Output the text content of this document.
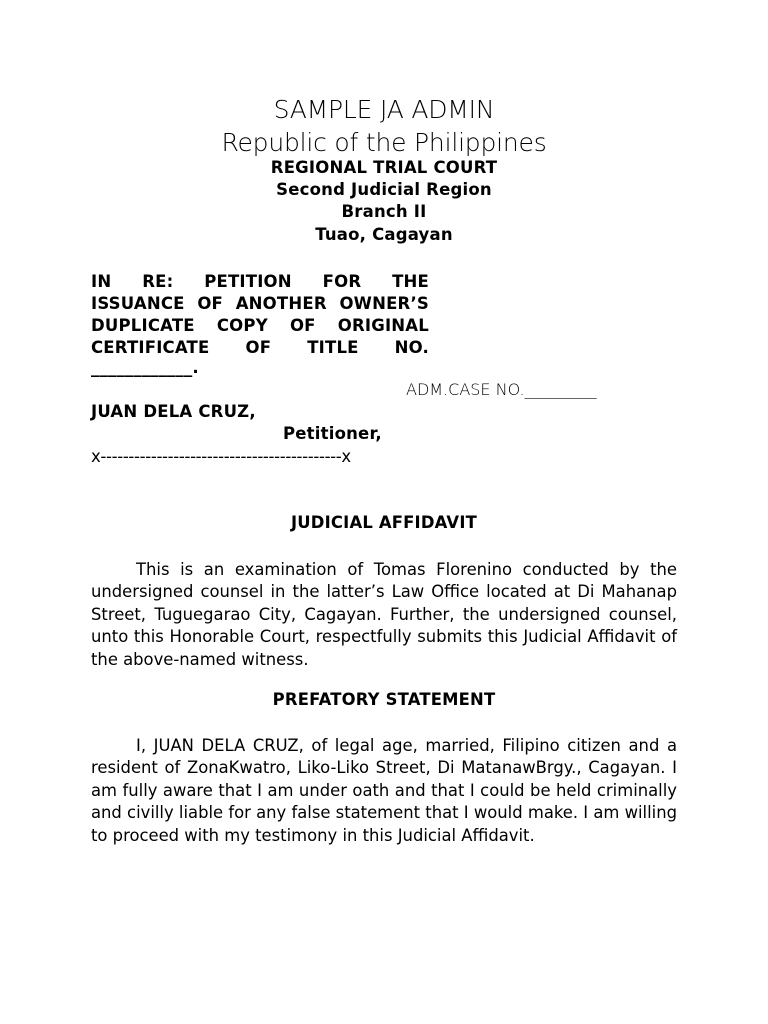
SAMPLE JA ADMIN
Republic of the Philippines
REGIONAL TRIAL COURT
Second Judicial Region
Branch II
Tuao, Cagayan
IN RE: PETITION FOR THE
ISSUANCE OF ANOTHER OWNER’S
DUPLICATE COPY OF ORIGINAL
CERTIFICATE OF TITLE NO.
____________.
ADM.CASE NO._________
JUAN DELA CRUZ,
Petitioner,
x-------------------------------------------x
JUDICIAL AFFIDAVIT
This is an examination of Tomas Florenino conducted by the undersigned counsel in the latter’s Law Office located at Di Mahanap Street, Tuguegarao City, Cagayan. Further, the undersigned counsel, unto this Honorable Court, respectfully submits this Judicial Affidavit of the above-named witness.
PREFATORY STATEMENT
I, JUAN DELA CRUZ, of legal age, married, Filipino citizen and a resident of ZonaKwatro, Liko-Liko Street, Di MatanawBrgy., Cagayan. I am fully aware that I am under oath and that I could be held criminally and civilly liable for any false statement that I would make. I am willing to proceed with my testimony in this Judicial Affidavit.
